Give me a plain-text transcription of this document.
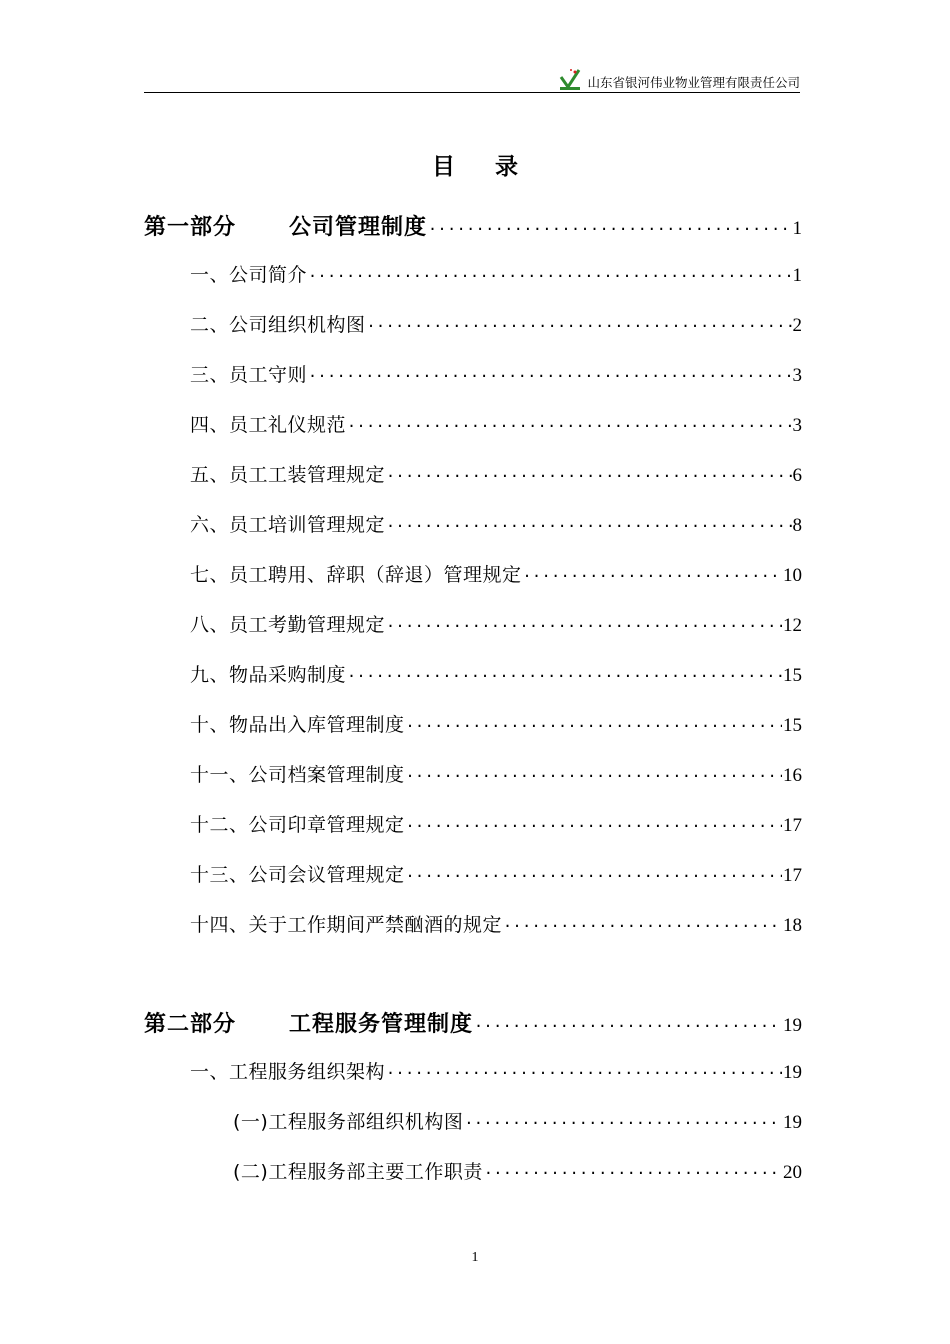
山东省银河伟业物业管理有限责任公司
目录
第一部分 公司管理制度 ·····	1
一、公司简介 ·····	1
二、公司组织机构图 ·····	2
三、员工守则 ·····	3
四、员工礼仪规范 ·····	3
五、员工工装管理规定 ·····	6
六、员工培训管理规定 ·····	8
七、员工聘用、辞职（辞退）管理规定 ·····	10
八、员工考勤管理规定 ·····	12
九、物品采购制度 ·····	15
十、物品出入库管理制度 ·····	15
十一、公司档案管理制度 ·····	16
十二、公司印章管理规定 ·····	17
十三、公司会议管理规定 ·····	17
十四、关于工作期间严禁酗酒的规定 ·····	18
第二部分 工程服务管理制度 ·····	19
一、工程服务组织架构 ·····	19
(一)工程服务部组织机构图 ·····	19
(二)工程服务部主要工作职责 ·····	20
1
